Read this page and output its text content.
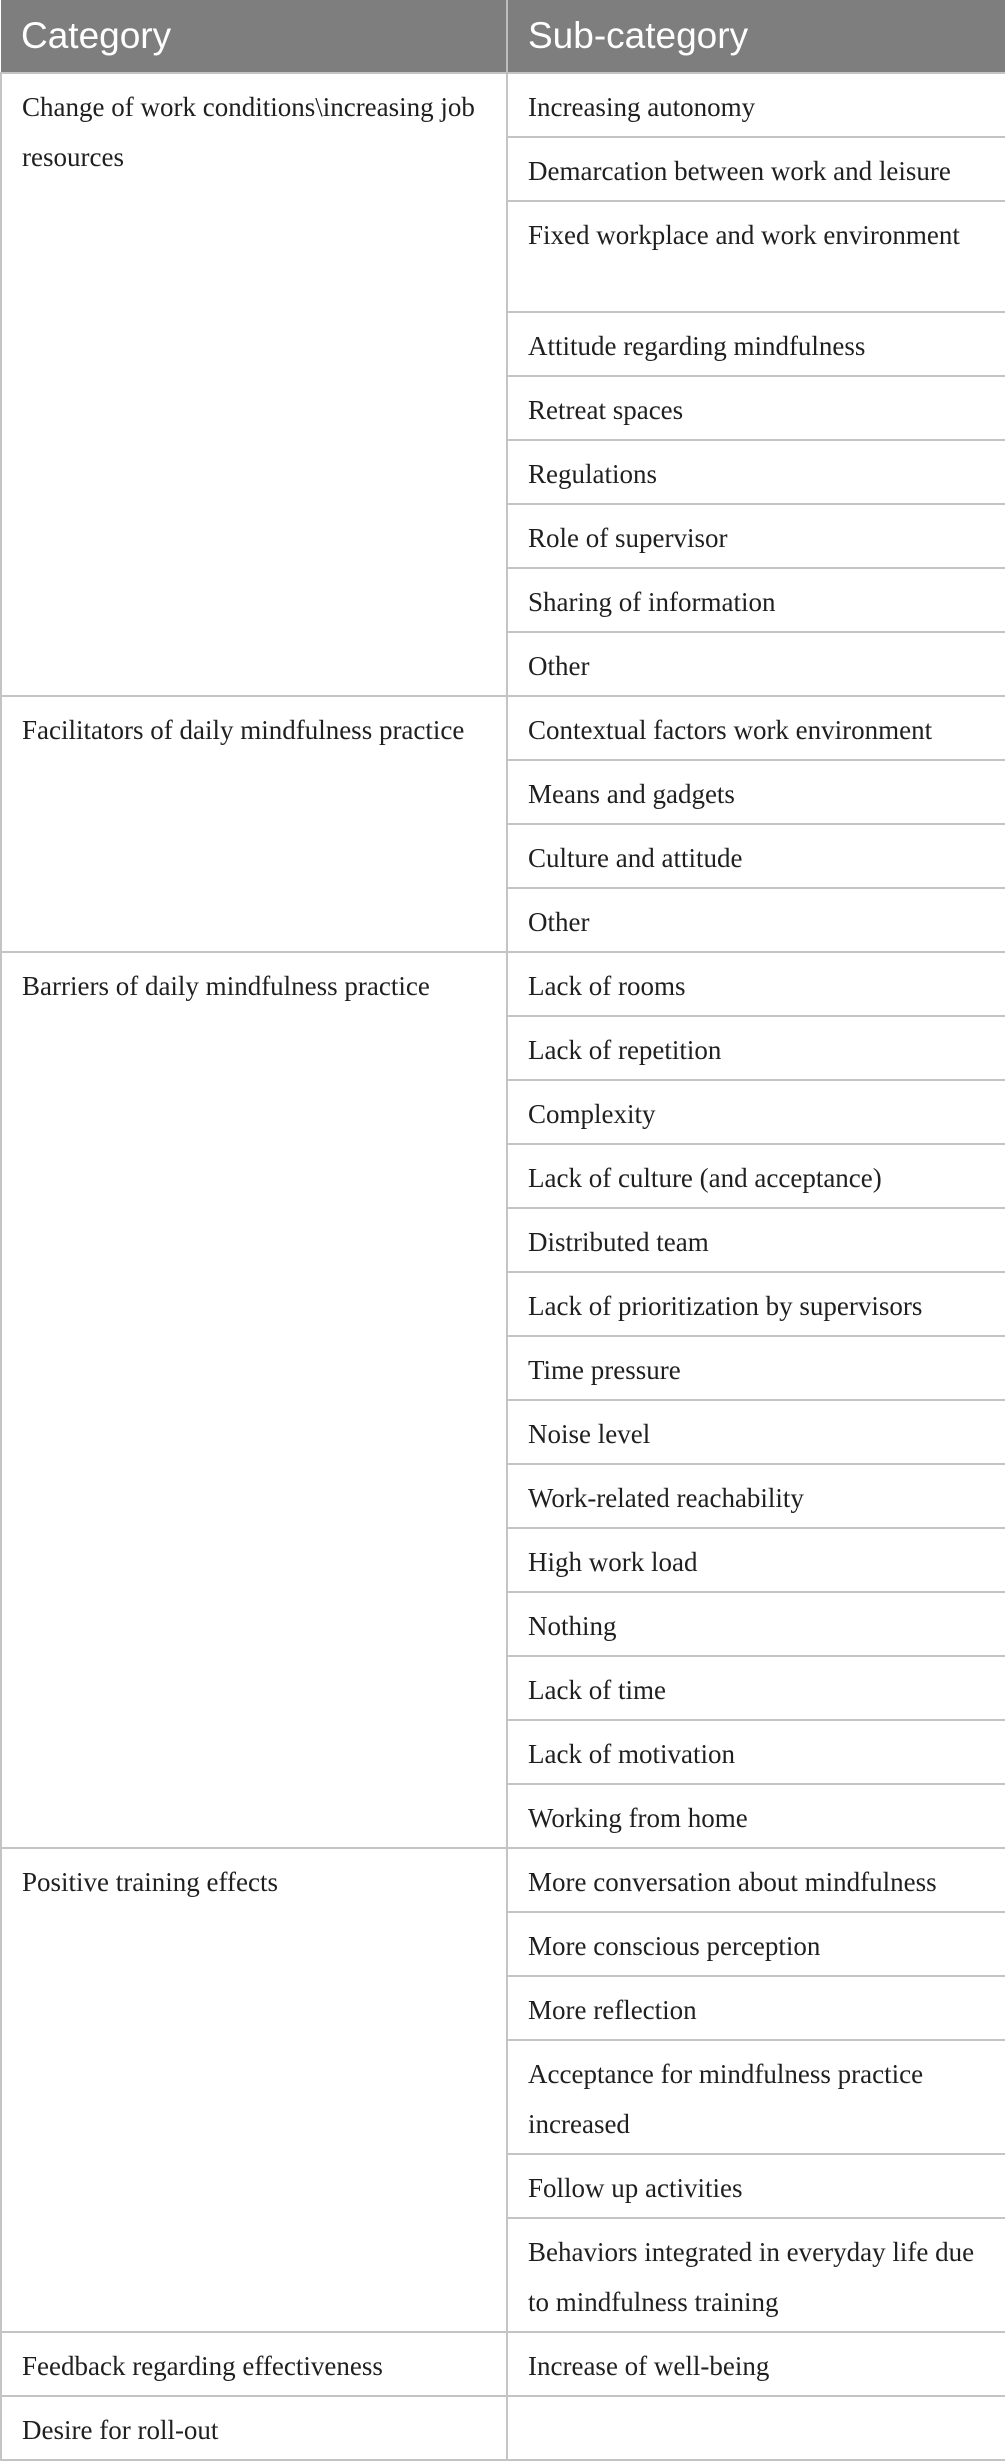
Category	Sub-category
Change of work conditions\increasing job resources	Increasing autonomy
	Demarcation between work and leisure
	Fixed workplace and work environment
	Attitude regarding mindfulness
	Retreat spaces
	Regulations
	Role of supervisor
	Sharing of information
	Other
Facilitators of daily mindfulness practice	Contextual factors work environment
	Means and gadgets
	Culture and attitude
	Other
Barriers of daily mindfulness practice	Lack of rooms
	Lack of repetition
	Complexity
	Lack of culture (and acceptance)
	Distributed team
	Lack of prioritization by supervisors
	Time pressure
	Noise level
	Work-related reachability
	High work load
	Nothing
	Lack of time
	Lack of motivation
	Working from home
Positive training effects	More conversation about mindfulness
	More conscious perception
	More reflection
	Acceptance for mindfulness practice increased
	Follow up activities
	Behaviors integrated in everyday life due to mindfulness training
Feedback regarding effectiveness	Increase of well-being
Desire for roll-out	
